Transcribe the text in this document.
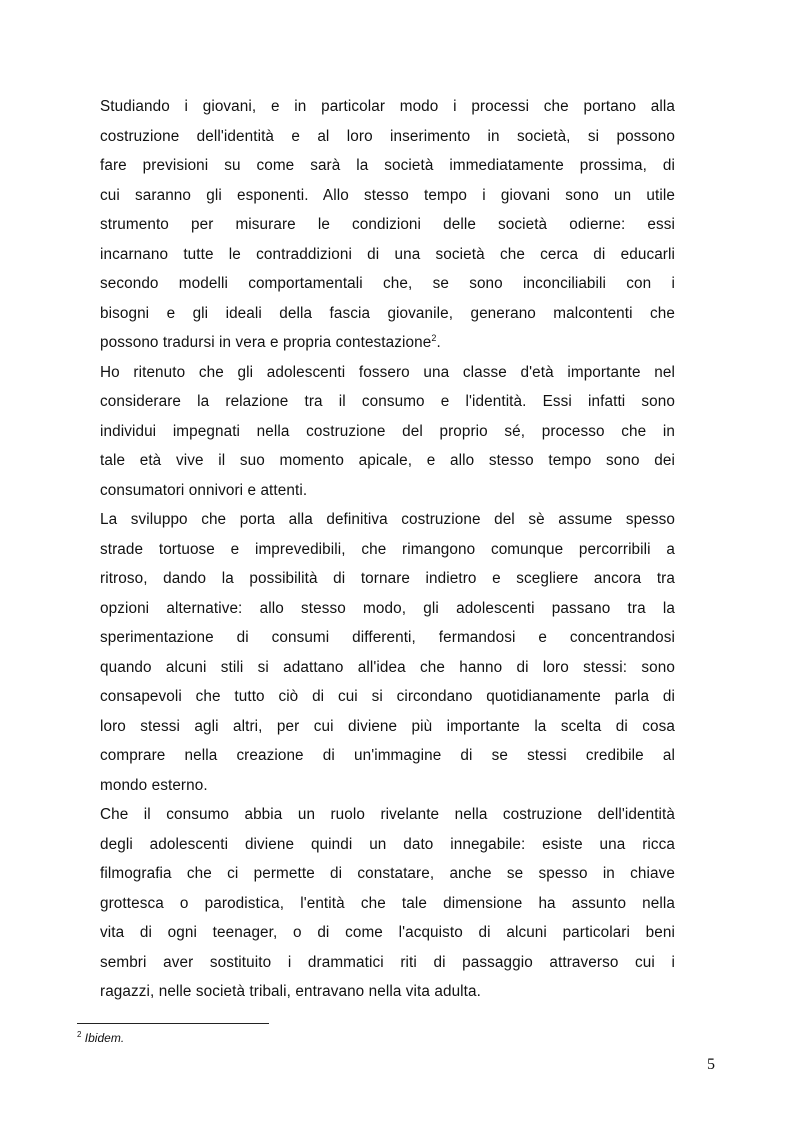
Studiando i giovani, e in particolar modo i processi che portano alla
costruzione dell'identità e al loro inserimento in società, si possono
fare previsioni su come sarà la società immediatamente prossima, di
cui saranno gli esponenti. Allo stesso tempo i giovani sono un utile
strumento per misurare le condizioni delle società odierne: essi
incarnano tutte le contraddizioni di una società che cerca di educarli
secondo modelli comportamentali che, se sono inconciliabili con i
bisogni e gli ideali della fascia giovanile, generano malcontenti che
possono tradursi in vera e propria contestazione$^2$.

Ho ritenuto che gli adolescenti fossero una classe d'età importante nel
considerare la relazione tra il consumo e l'identità. Essi infatti sono
individui impegnati nella costruzione del proprio sé, processo che in
tale età vive il suo momento apicale, e allo stesso tempo sono dei
consumatori onnivori e attenti.

La sviluppo che porta alla definitiva costruzione del sè assume spesso
strade tortuose e imprevedibili, che rimangono comunque percorribili a
ritroso, dando la possibilità di tornare indietro e scegliere ancora tra
opzioni alternative: allo stesso modo, gli adolescenti passano tra la
sperimentazione di consumi differenti, fermandosi e concentrandosi
quando alcuni stili si adattano all'idea che hanno di loro stessi: sono
consapevoli che tutto ciò di cui si circondano quotidianamente parla di
loro stessi agli altri, per cui diviene più importante la scelta di cosa
comprare nella creazione di un'immagine di se stessi credibile al
mondo esterno.

Che il consumo abbia un ruolo rivelante nella costruzione dell'identità
degli adolescenti diviene quindi un dato innegabile: esiste una ricca
filmografia che ci permette di constatare, anche se spesso in chiave
grottesca o parodistica, l'entità che tale dimensione ha assunto nella
vita di ogni teenager, o di come l'acquisto di alcuni particolari beni
sembri aver sostituito i drammatici riti di passaggio attraverso cui i
ragazzi, nelle società tribali, entravano nella vita adulta.

$^2$ Ibidem.
5
